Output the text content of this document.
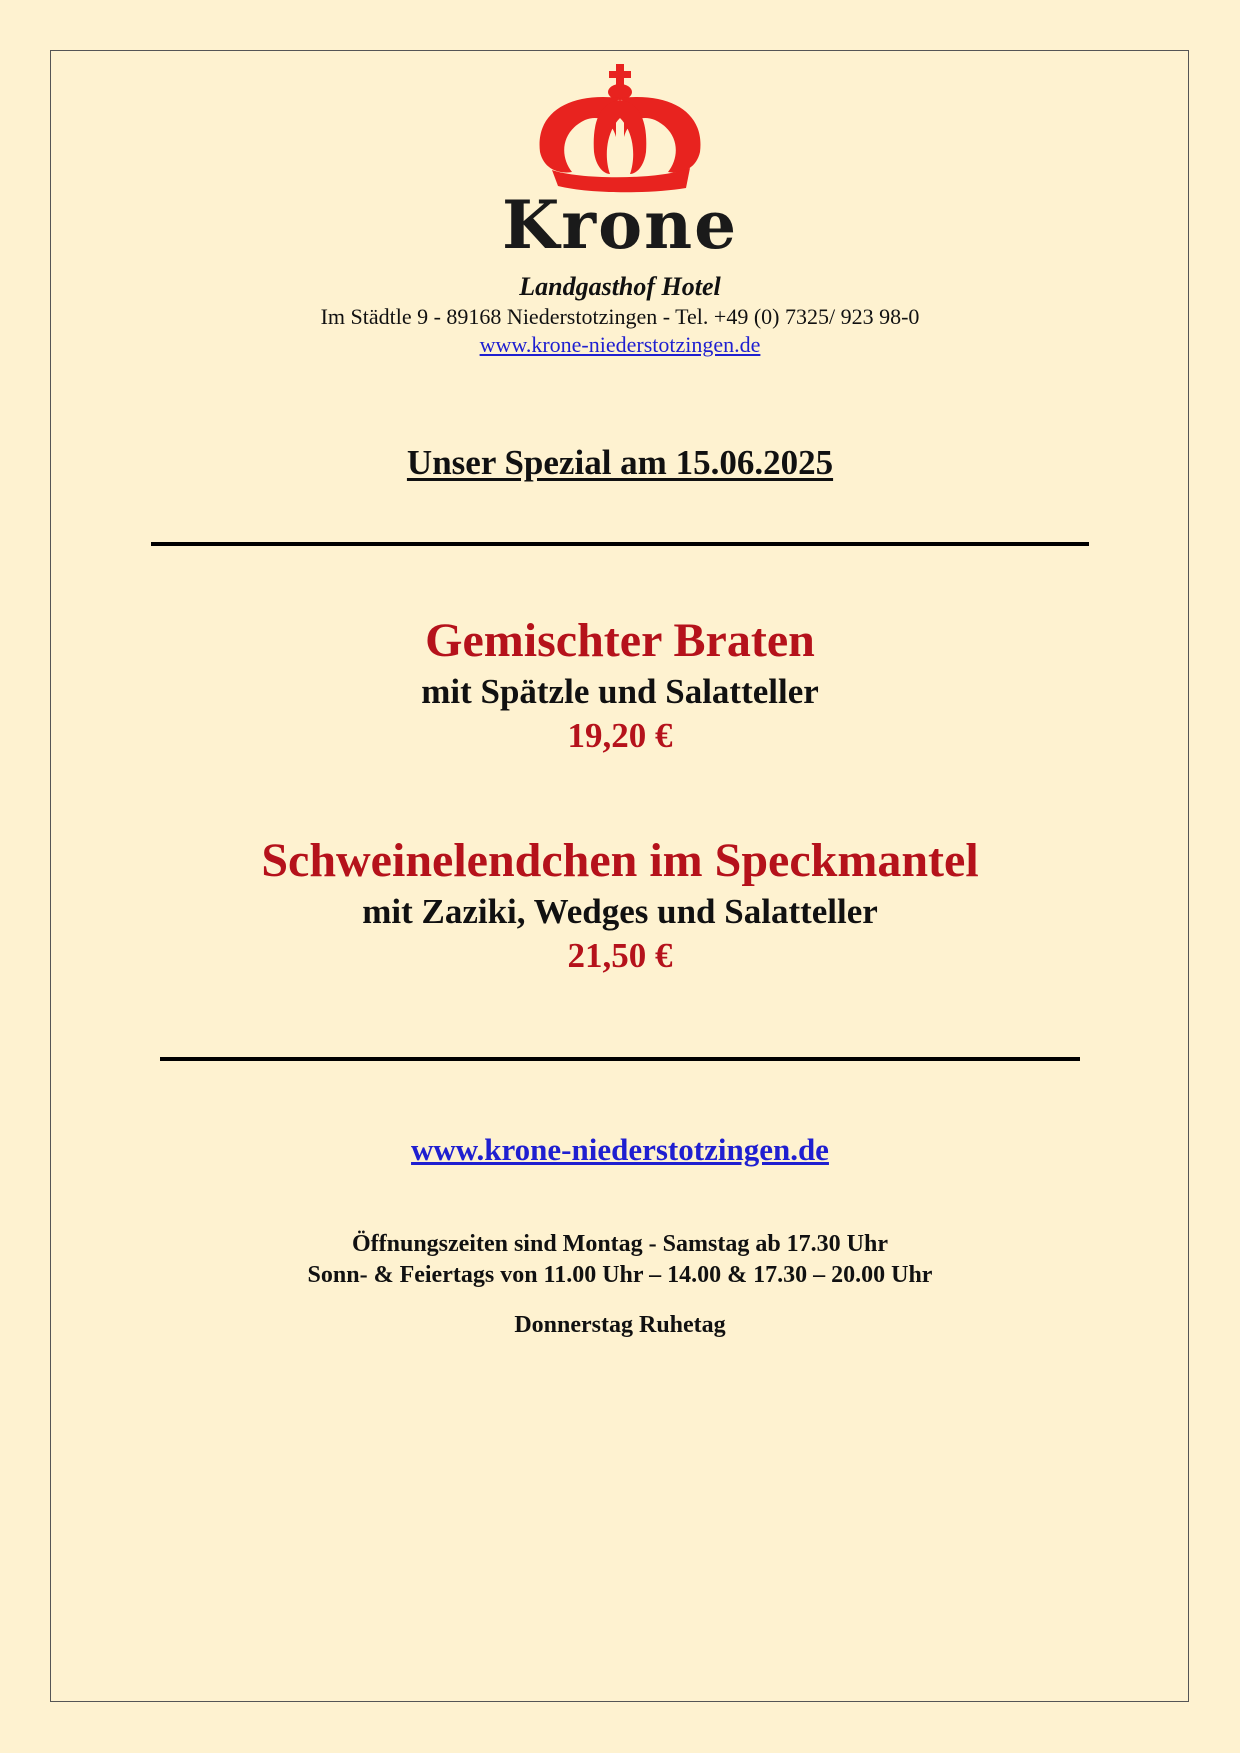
Krone
Landgasthof Hotel
Im Städtle 9 - 89168 Niederstotzingen - Tel. +49 (0) 7325/ 923 98-0
www.krone-niederstotzingen.de
Unser Spezial am 15.06.2025
Gemischter Braten
mit Spätzle und Salatteller
19,20 €
Schweinelendchen im Speckmantel
mit Zaziki, Wedges und Salatteller
21,50 €
www.krone-niederstotzingen.de
Öffnungszeiten sind Montag - Samstag ab 17.30 Uhr
Sonn- & Feiertags von 11.00 Uhr – 14.00 & 17.30 – 20.00 Uhr
Donnerstag Ruhetag
